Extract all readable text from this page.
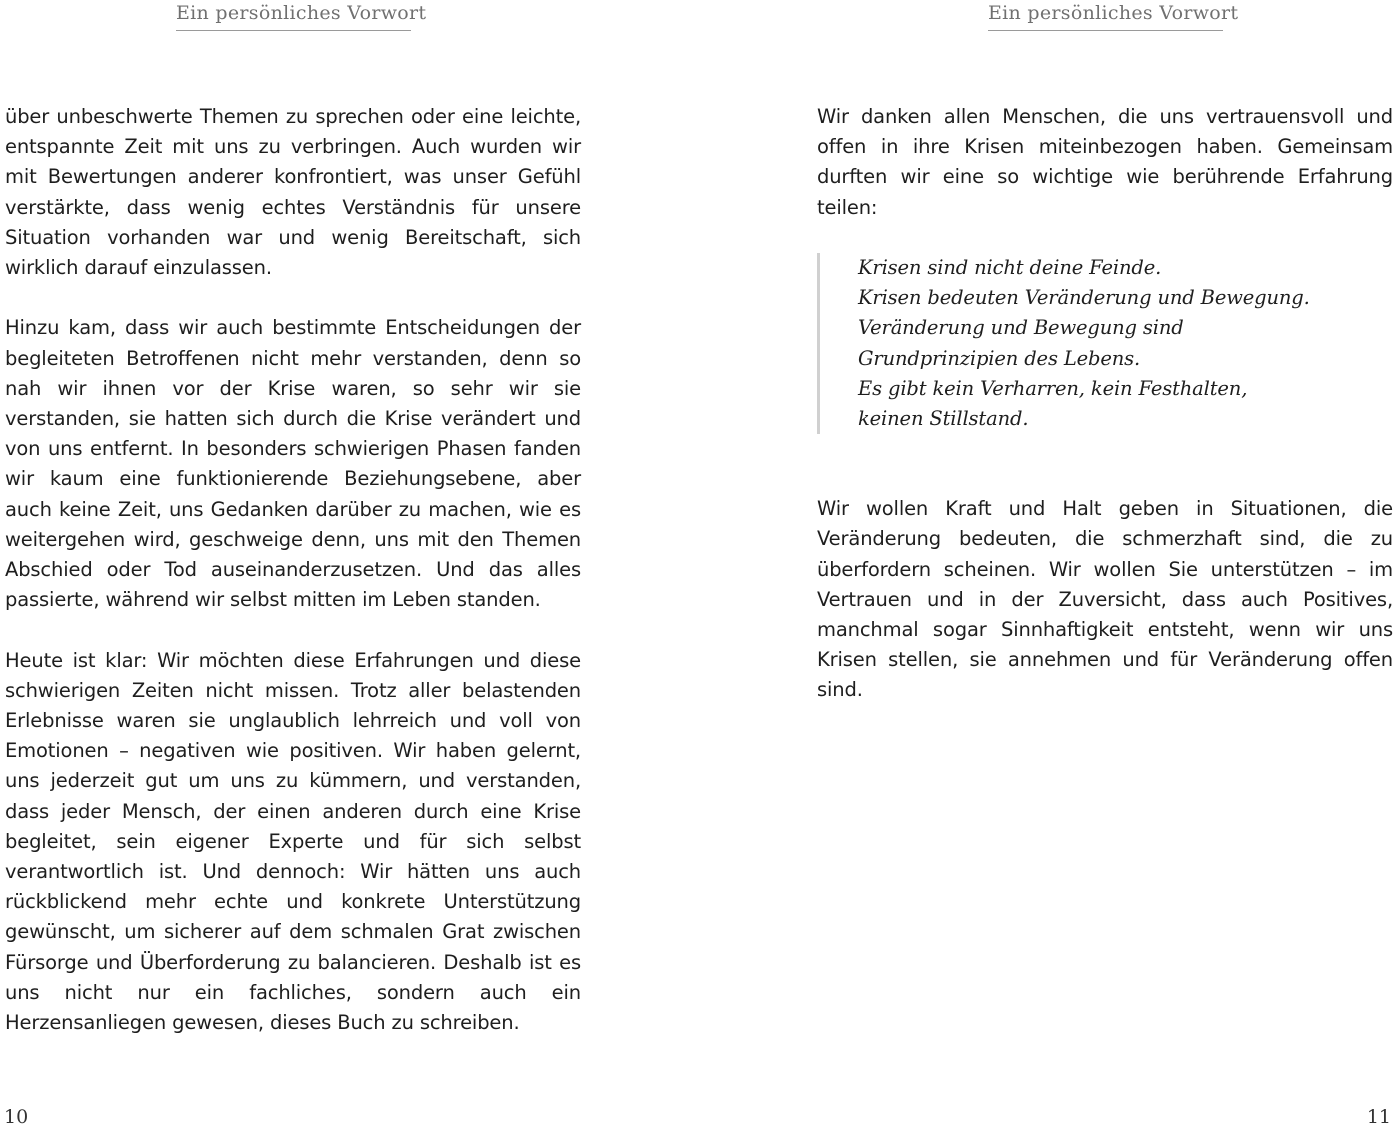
Ein persönliches Vorwort

über unbeschwerte Themen zu sprechen oder eine leichte, entspannte Zeit mit uns zu verbringen. Auch wurden wir mit Bewertungen anderer konfrontiert, was unser Gefühl verstärkte, dass wenig echtes Verständnis für unsere Situation vorhanden war und wenig Bereitschaft, sich wirklich darauf einzulassen.

Hinzu kam, dass wir auch bestimmte Entscheidungen der begleiteten Betroffenen nicht mehr verstanden, denn so nah wir ihnen vor der Krise waren, so sehr wir sie verstanden, sie hatten sich durch die Krise verändert und von uns entfernt. In besonders schwierigen Phasen fanden wir kaum eine funktionierende Beziehungsebene, aber auch keine Zeit, uns Gedanken darüber zu machen, wie es weitergehen wird, geschweige denn, uns mit den Themen Abschied oder Tod auseinanderzusetzen. Und das alles passierte, während wir selbst mitten im Leben standen.

Heute ist klar: Wir möchten diese Erfahrungen und diese schwierigen Zeiten nicht missen. Trotz aller belastenden Erlebnisse waren sie unglaublich lehrreich und voll von Emotionen – negativen wie positiven. Wir haben gelernt, uns jederzeit gut um uns zu kümmern, und verstanden, dass jeder Mensch, der einen anderen durch eine Krise begleitet, sein eigener Experte und für sich selbst verantwortlich ist. Und dennoch: Wir hätten uns auch rückblickend mehr echte und konkrete Unterstützung gewünscht, um sicherer auf dem schmalen Grat zwischen Fürsorge und Überforderung zu balancieren. Deshalb ist es uns nicht nur ein fachliches, sondern auch ein Herzensanliegen gewesen, dieses Buch zu schreiben.

10
Ein persönliches Vorwort

Wir danken allen Menschen, die uns vertrauensvoll und offen in ihre Krisen miteinbezogen haben. Gemeinsam durften wir eine so wichtige wie berührende Erfahrung teilen:

Krisen sind nicht deine Feinde.
Krisen bedeuten Veränderung und Bewegung.
Veränderung und Bewegung sind
Grundprinzipien des Lebens.
Es gibt kein Verharren, kein Festhalten,
keinen Stillstand.

Wir wollen Kraft und Halt geben in Situationen, die Veränderung bedeuten, die schmerzhaft sind, die zu überfordern scheinen. Wir wollen Sie unterstützen – im Vertrauen und in der Zuversicht, dass auch Positives, manchmal sogar Sinnhaftigkeit entsteht, wenn wir uns Krisen stellen, sie annehmen und für Veränderung offen sind.

11
